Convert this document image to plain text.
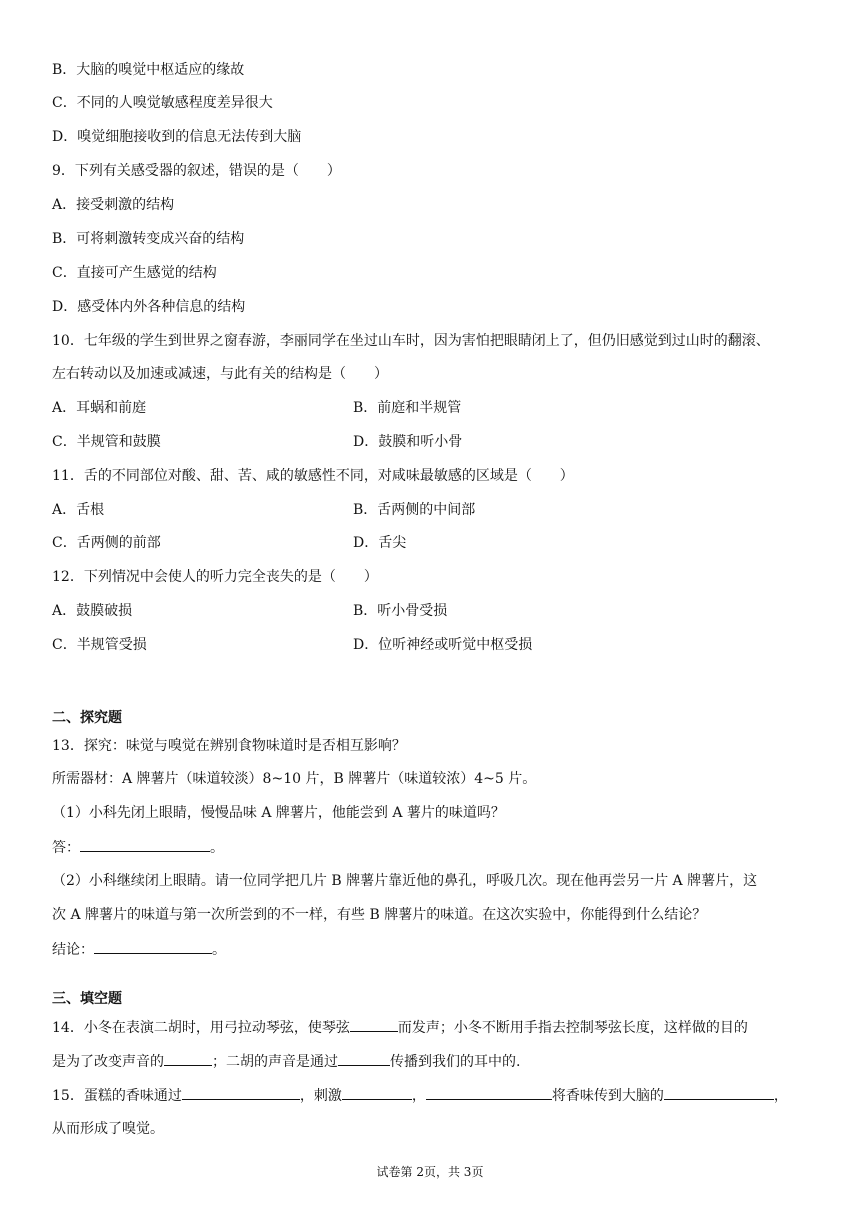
B．大脑的嗅觉中枢适应的缘故
C．不同的人嗅觉敏感程度差异很大
D．嗅觉细胞接收到的信息无法传到大脑
9．下列有关感受器的叙述，错误的是（　　）
A．接受刺激的结构
B．可将刺激转变成兴奋的结构
C．直接可产生感觉的结构
D．感受体内外各种信息的结构
10．七年级的学生到世界之窗春游，李丽同学在坐过山车时，因为害怕把眼睛闭上了，但仍旧感觉到过山时的翻滚、
左右转动以及加速或减速，与此有关的结构是（　　）
A．耳蜗和前庭	B．前庭和半规管
C．半规管和鼓膜	D．鼓膜和听小骨
11．舌的不同部位对酸、甜、苦、咸的敏感性不同，对咸味最敏感的区域是（　　）
A．舌根	B．舌两侧的中间部
C．舌两侧的前部	D．舌尖
12．下列情况中会使人的听力完全丧失的是（　　）
A．鼓膜破损	B．听小骨受损
C．半规管受损	D．位听神经或听觉中枢受损
二、探究题
13．探究：味觉与嗅觉在辨别食物味道时是否相互影响？
所需器材：A 牌薯片（味道较淡）8~10 片，B 牌薯片（味道较浓）4~5 片。
（1）小科先闭上眼睛，慢慢品味 A 牌薯片，他能尝到 A 薯片的味道吗？
答：	。
（2）小科继续闭上眼睛。请一位同学把几片 B 牌薯片靠近他的鼻孔，呼吸几次。现在他再尝另一片 A 牌薯片，这
次 A 牌薯片的味道与第一次所尝到的不一样，有些 B 牌薯片的味道。在这次实验中，你能得到什么结论？
结论：	。
三、填空题
14．小冬在表演二胡时，用弓拉动琴弦，使琴弦	而发声；小冬不断用手指去控制琴弦长度，这样做的目的
是为了改变声音的	；二胡的声音是通过	传播到我们的耳中的.
15．蛋糕的香味通过	，刺激	，	将香味传到大脑的	，
从而形成了嗅觉。
试卷第 2页，共 3页
